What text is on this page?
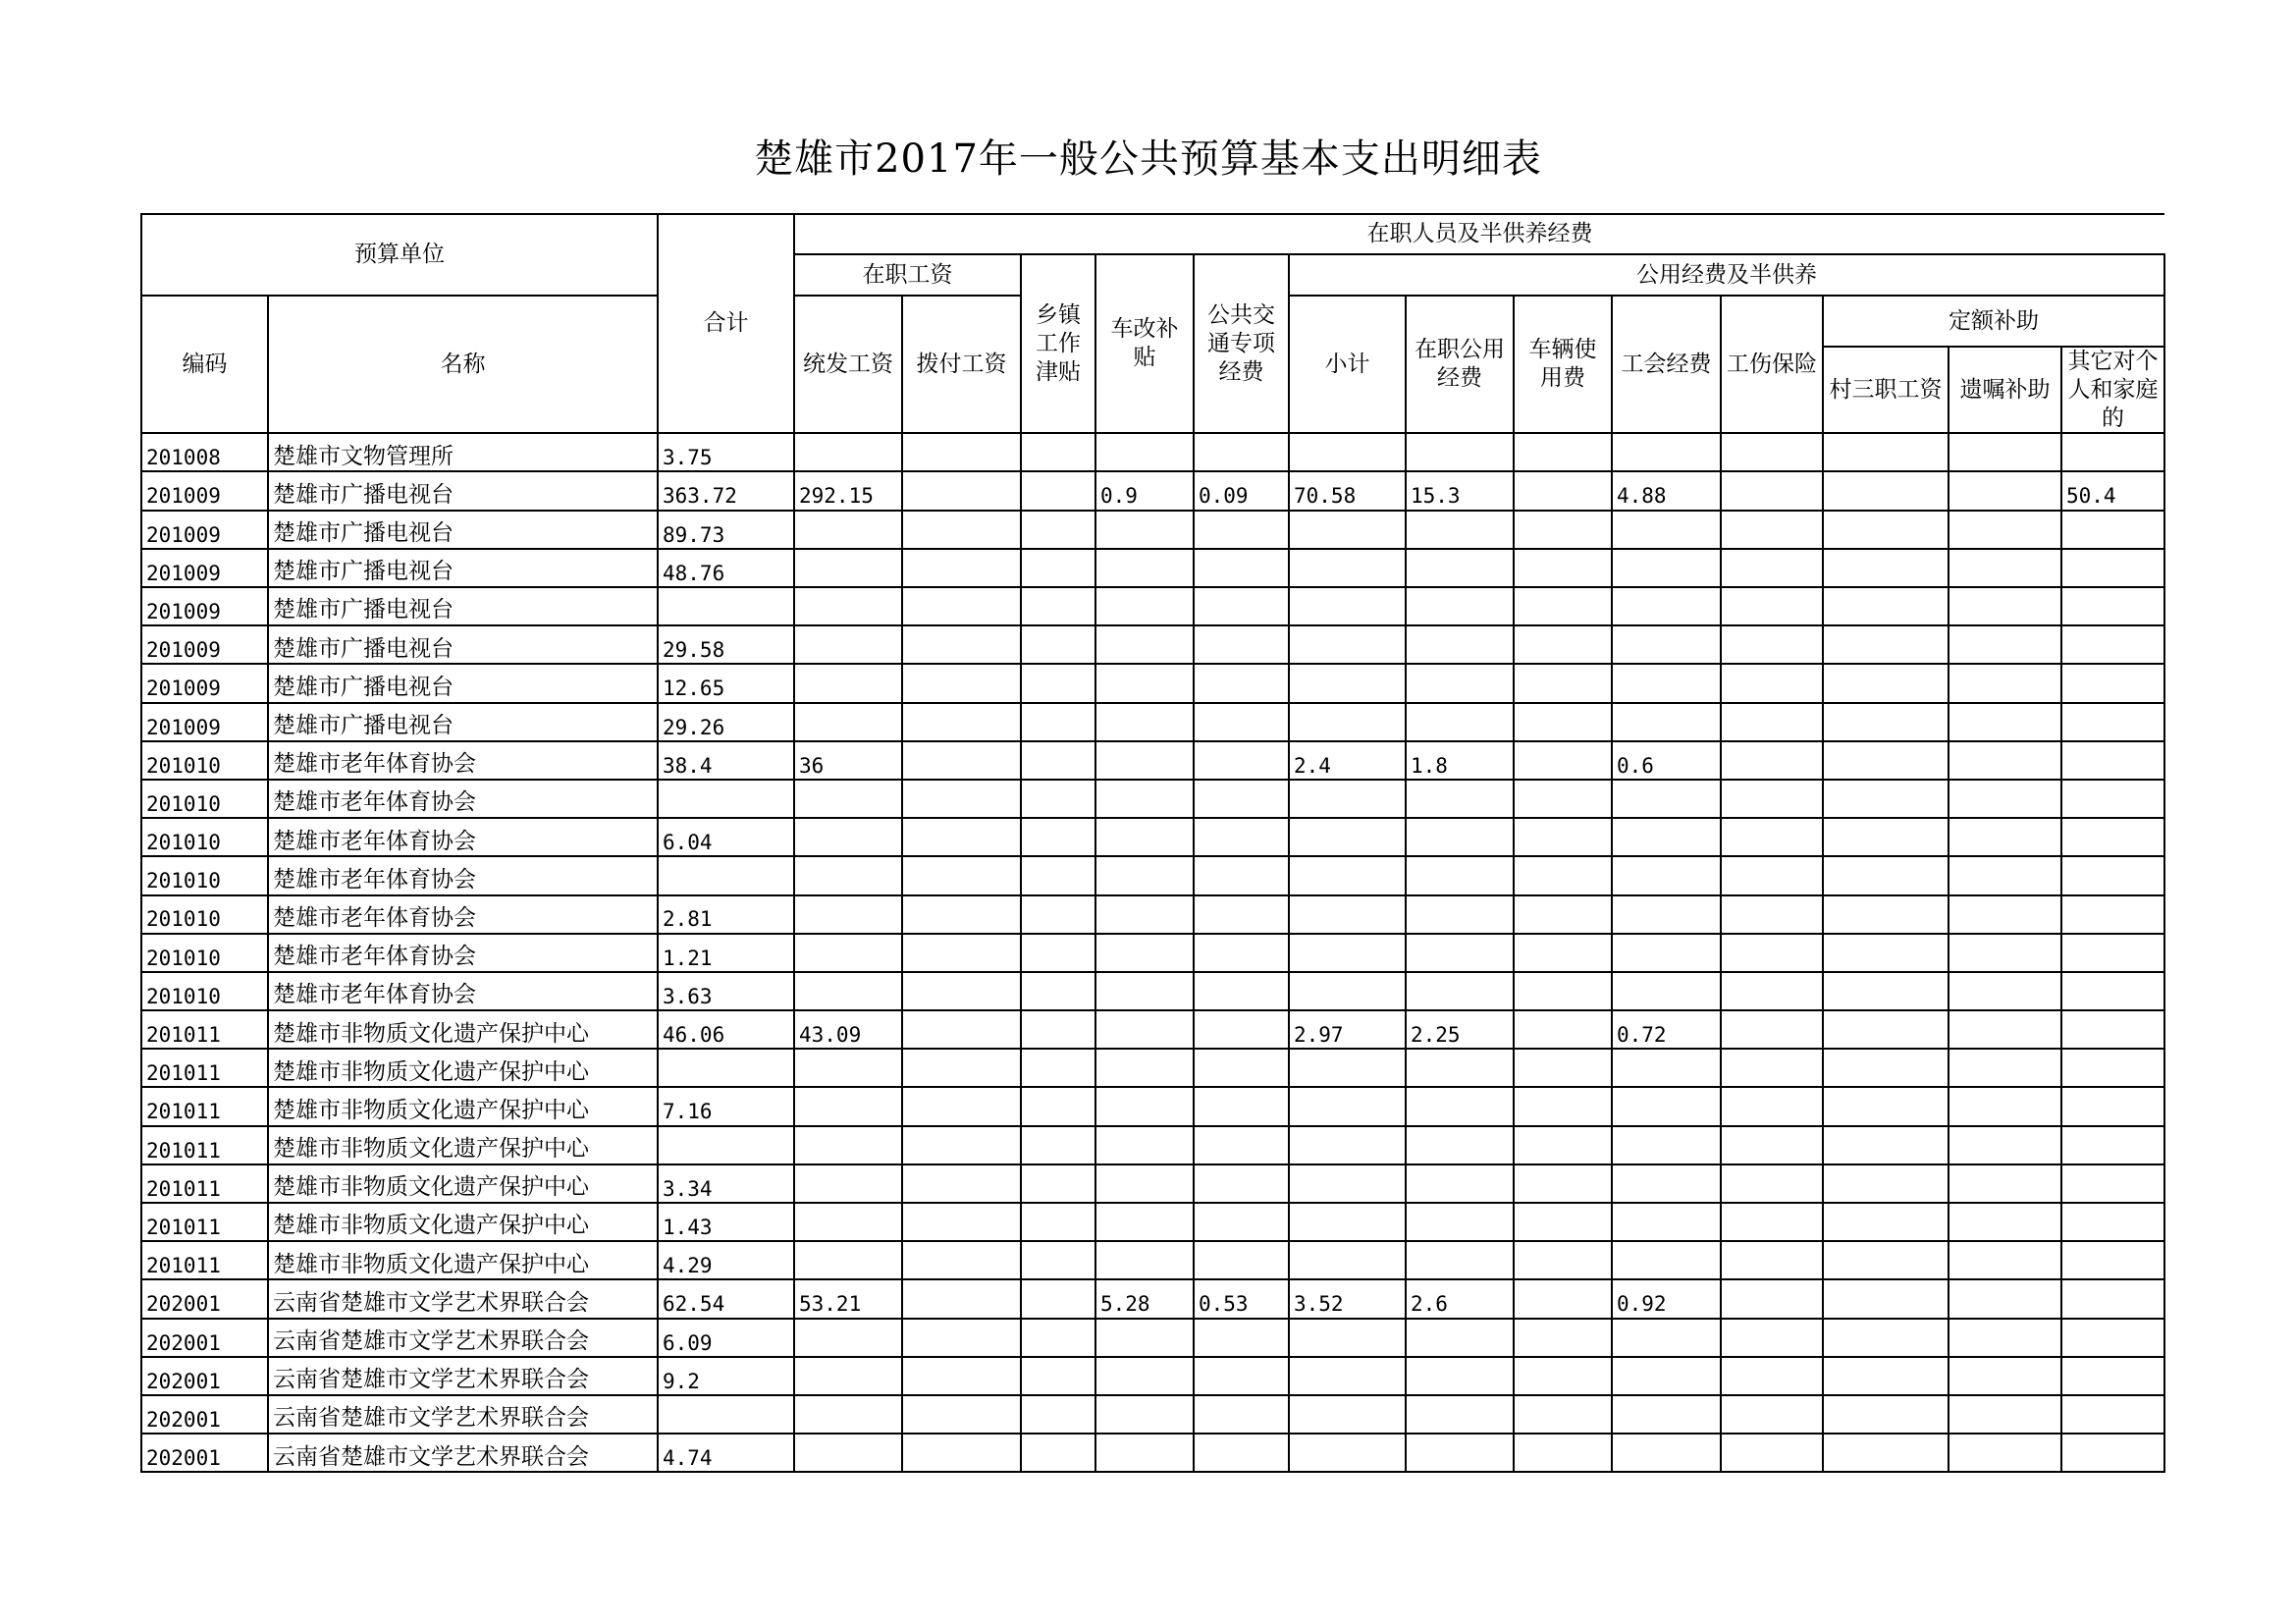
楚雄市2017年一般公共预算基本支出明细表
预算单位		合计	在职人员及半供养经费												
			在职工资		乡镇工作津贴	车改补贴	公共交通专项经费	公用经费及半供养							
编码	名称		统发工资	拨付工资				小计	在职公用经费	车辆使用费	工会经费	工伤保险	定额补助		
													村三职工资	遗嘱补助	其它对个人和家庭的
201008	楚雄市文物管理所	3.75													
201009	楚雄市广播电视台	363.72	292.15			0.9	0.09	70.58	15.3		4.88				50.4
201009	楚雄市广播电视台	89.73													
201009	楚雄市广播电视台	48.76													
201009	楚雄市广播电视台														
201009	楚雄市广播电视台	29.58													
201009	楚雄市广播电视台	12.65													
201009	楚雄市广播电视台	29.26													
201010	楚雄市老年体育协会	38.4	36					2.4	1.8		0.6				
201010	楚雄市老年体育协会														
201010	楚雄市老年体育协会	6.04													
201010	楚雄市老年体育协会														
201010	楚雄市老年体育协会	2.81													
201010	楚雄市老年体育协会	1.21													
201010	楚雄市老年体育协会	3.63													
201011	楚雄市非物质文化遗产保护中心	46.06	43.09					2.97	2.25		0.72				
201011	楚雄市非物质文化遗产保护中心														
201011	楚雄市非物质文化遗产保护中心	7.16													
201011	楚雄市非物质文化遗产保护中心														
201011	楚雄市非物质文化遗产保护中心	3.34													
201011	楚雄市非物质文化遗产保护中心	1.43													
201011	楚雄市非物质文化遗产保护中心	4.29													
202001	云南省楚雄市文学艺术界联合会	62.54	53.21			5.28	0.53	3.52	2.6		0.92				
202001	云南省楚雄市文学艺术界联合会	6.09													
202001	云南省楚雄市文学艺术界联合会	9.2													
202001	云南省楚雄市文学艺术界联合会														
202001	云南省楚雄市文学艺术界联合会	4.74													
